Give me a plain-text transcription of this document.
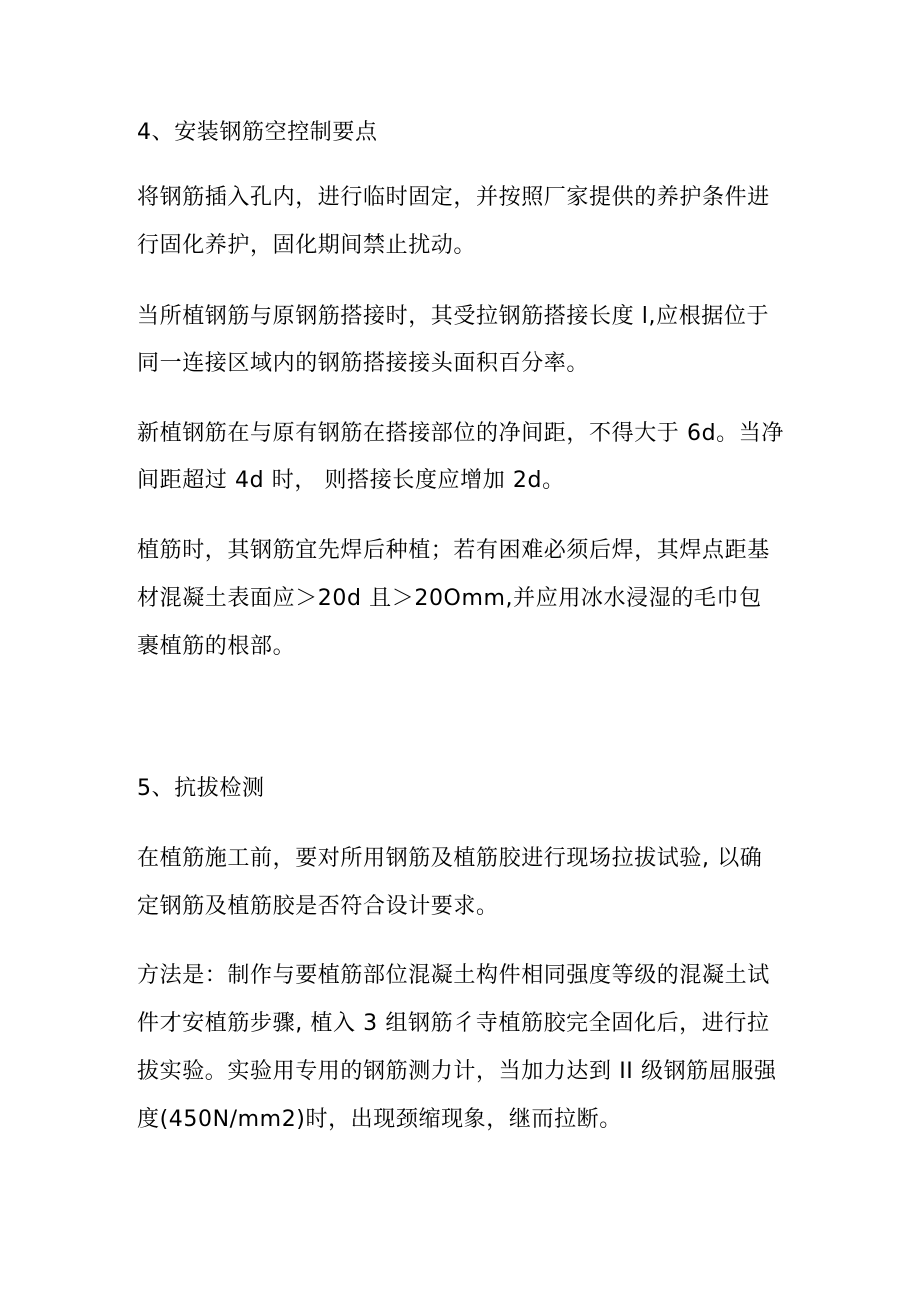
4、安装钢筋空控制要点
将钢筋插入孔内，进行临时固定，并按照厂家提供的养护条件进
行固化养护，固化期间禁止扰动。
当所植钢筋与原钢筋搭接时，其受拉钢筋搭接长度 l,应根据位于
同一连接区域内的钢筋搭接接头面积百分率。
新植钢筋在与原有钢筋在搭接部位的净间距，不得大于 6d。当净
间距超过 4d 时， 则搭接长度应增加 2d。
植筋时，其钢筋宜先焊后种植；若有困难必须后焊，其焊点距基
材混凝土表面应＞20d 且＞20Omm,并应用冰水浸湿的毛巾包
裹植筋的根部。
5、抗拔检测
在植筋施工前，要对所用钢筋及植筋胶进行现场拉拔试验, 以确
定钢筋及植筋胶是否符合设计要求。
方法是：制作与要植筋部位混凝土构件相同强度等级的混凝土试
件才安植筋步骤, 植入 3 组钢筋彳寺植筋胶完全固化后，进行拉
拔实验。实验用专用的钢筋测力计，当加力达到 II 级钢筋屈服强
度(450N/mm2)时，出现颈缩现象，继而拉断。
